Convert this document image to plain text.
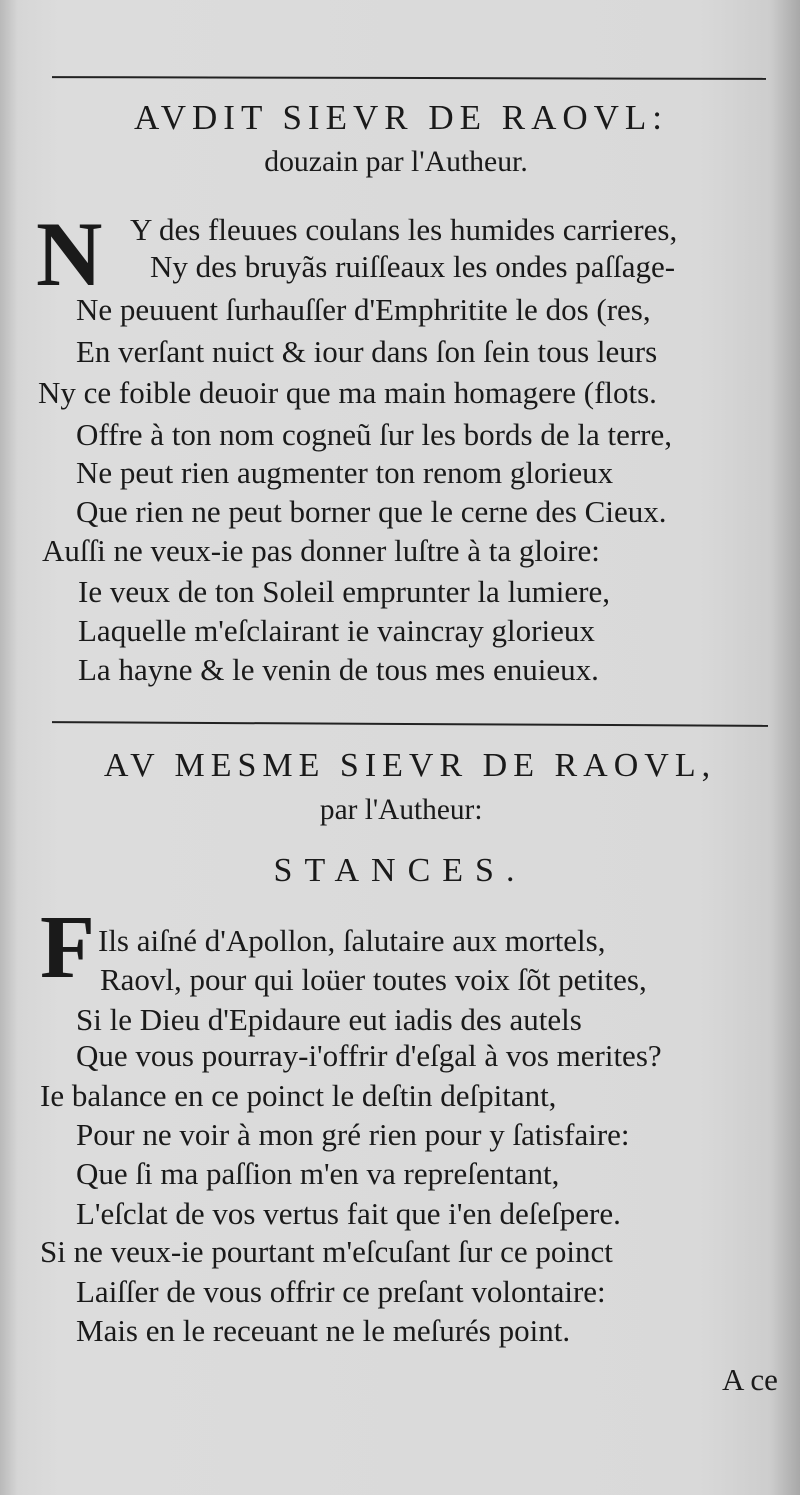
AVDIT SIEVR DE RAOVL:
douzain par l'Autheur.
N Y des fleuues coulans les humides carrieres,
Ny des bruyãs ruiſſeaux les ondes paſſage-
Ne peuuent ſurhauſſer d'Emphritite le dos (res,
En verſant nuict & iour dans ſon ſein tous leurs
Ny ce foible deuoir que ma main homagere (flots.
Offre à ton nom cogneũ ſur les bords de la terre,
Ne peut rien augmenter ton renom glorieux
Que rien ne peut borner que le cerne des Cieux.
Auſſi ne veux-ie pas donner luſtre à ta gloire:
Ie veux de ton Soleil emprunter la lumiere,
Laquelle m'eſclairant ie vaincray glorieux
La hayne & le venin de tous mes enuieux.
AV MESME SIEVR DE RAOVL,
par l'Autheur:
STANCES.
F Ils aiſné d'Apollon, ſalutaire aux mortels,
Raovl, pour qui loüer toutes voix ſõt petites,
Si le Dieu d'Epidaure eut iadis des autels
Que vous pourray-i'offrir d'eſgal à vos merites?
Ie balance en ce poinct le deſtin deſpitant,
Pour ne voir à mon gré rien pour y ſatisfaire:
Que ſi ma paſſion m'en va repreſentant,
L'eſclat de vos vertus fait que i'en deſeſpere.
Si ne veux-ie pourtant m'eſcuſant ſur ce poinct
Laiſſer de vous offrir ce preſant volontaire:
Mais en le receuant ne le meſurés point.
A ce
